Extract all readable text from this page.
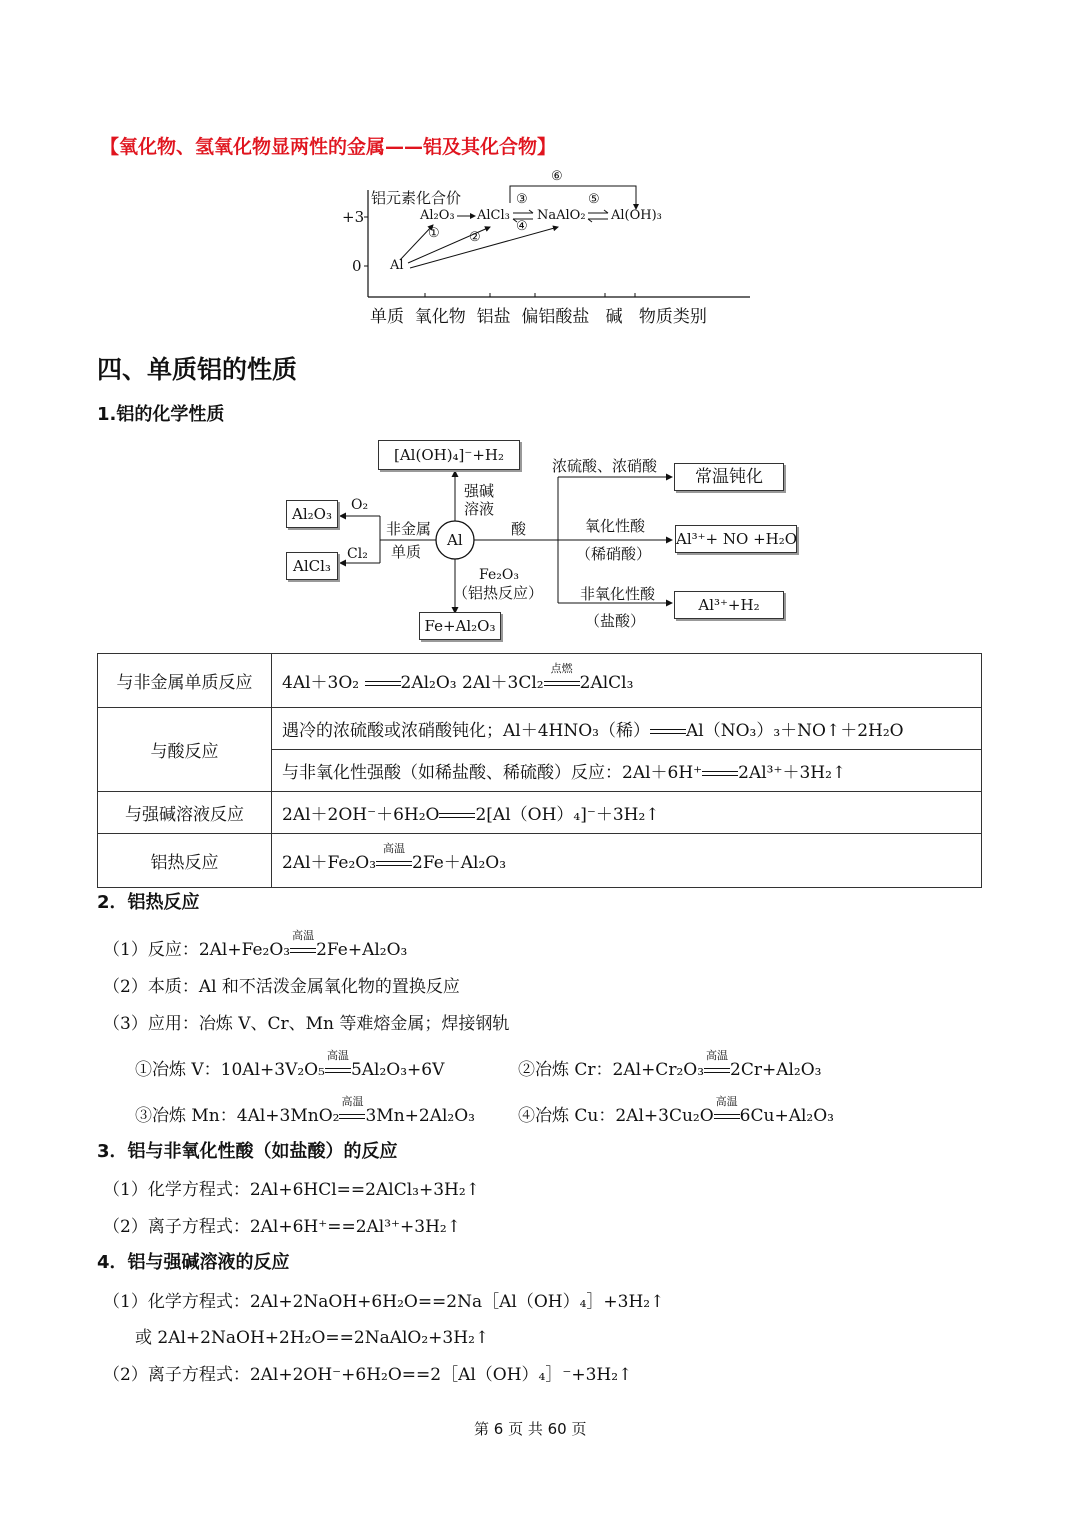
【氧化物、氢氧化物显两性的金属——铝及其化合物】
铝元素化合价
+3
0 Al
Al₂O₃ AlCl₃ NaAlO₂ Al(OH)₃
① ②
③
④
⑤
⑥
单质  氧化物  铝盐  偏铝酸盐   碱   物质类别
四、单质铝的性质
1.铝的化学性质
Al
[Al(OH)₄]⁻+H₂
强碱
溶液
Al₂O₃
AlCl₃
O₂
Cl₂
非金属
单质
酸
Fe₂O₃
（铝热反应）
Fe+Al₂O₃
浓硫酸、浓硝酸
常温钝化
氧化性酸
（稀硝酸）
Al³⁺+ NO +H₂O
非氧化性酸
（盐酸）
Al³⁺+H₂
与非金属单质反应	4Al＋3O₂ 2Al₂O₃ 2Al＋3Cl₂
点燃
2AlCl₃
与酸反应	遇冷的浓硫酸或浓硝酸钝化；Al＋4HNO₃（稀） Al（NO₃）₃＋NO↑＋2H₂O
	与非氧化性强酸（如稀盐酸、稀硫酸）反应：2Al＋6H⁺ 2Al³⁺＋3H₂↑
与强碱溶液反应	2Al＋2OH⁻＋6H₂O 2[Al（OH）₄]⁻＋3H₂↑
铝热反应	2Al＋Fe₂O₃
高温
2Fe＋Al₂O₃
2．铝热反应
（1）反应：2Al+Fe₂O₃
高温
2Fe+Al₂O₃
（2）本质：Al 和不活泼金属氧化物的置换反应
（3）应用：冶炼 V、Cr、Mn 等难熔金属；焊接钢轨
①冶炼 V：10Al+3V₂O₅
高温
5Al₂O₃+6V	②冶炼 Cr：2Al+Cr₂O₃
高温
2Cr+Al₂O₃
③冶炼 Mn：4Al+3MnO₂
高温
3Mn+2Al₂O₃	④冶炼 Cu：2Al+3Cu₂O
高温
6Cu+Al₂O₃
3．铝与非氧化性酸（如盐酸）的反应
（1）化学方程式：2Al+6HCl==2AlCl₃+3H₂↑
（2）离子方程式：2Al+6H⁺==2Al³⁺+3H₂↑
4．铝与强碱溶液的反应
（1）化学方程式：2Al+2NaOH+6H₂O==2Na［Al（OH）₄］+3H₂↑
或 2Al+2NaOH+2H₂O==2NaAlO₂+3H₂↑
（2）离子方程式：2Al+2OH⁻+6H₂O==2［Al（OH）₄］⁻+3H₂↑
第 6 页 共 60 页
